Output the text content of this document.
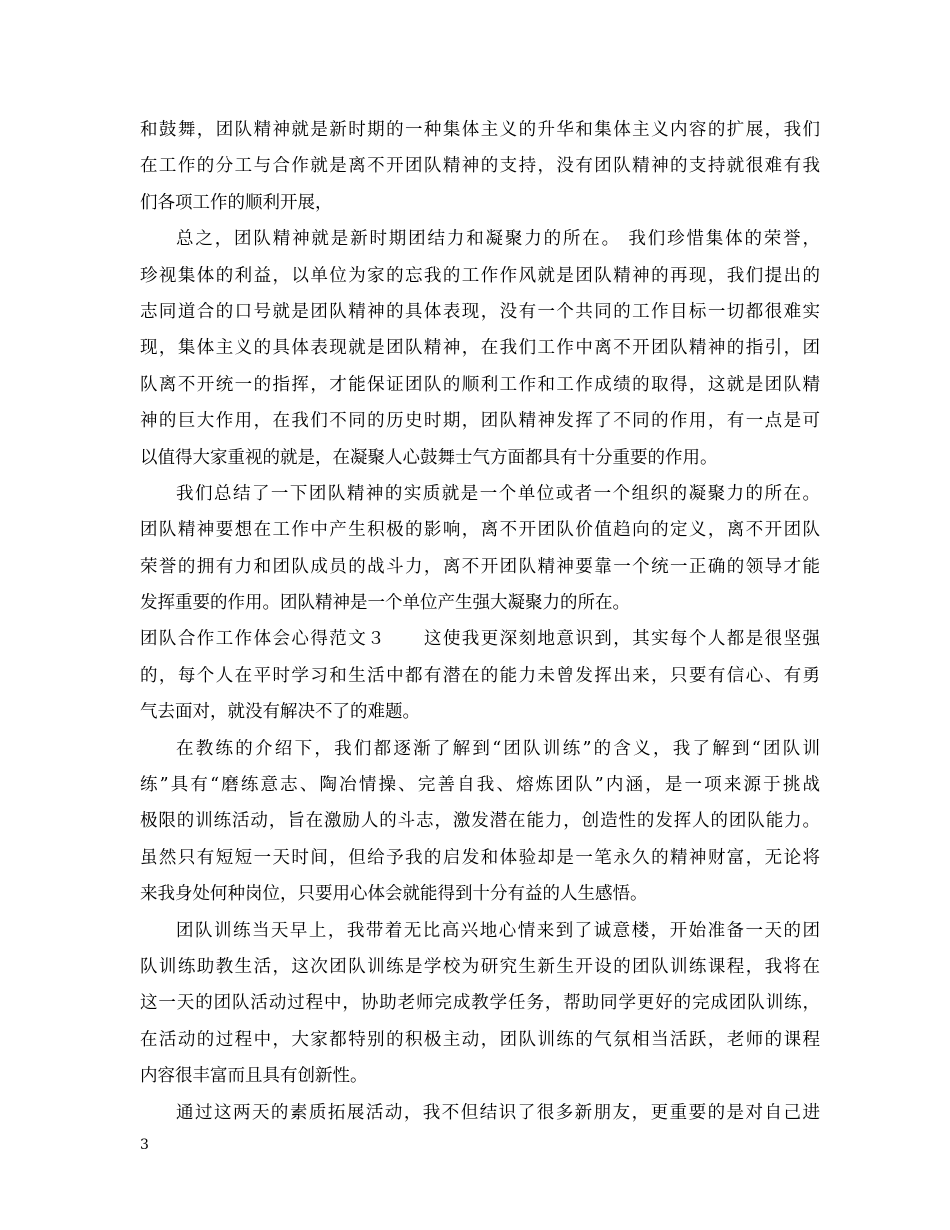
和鼓舞，团队精神就是新时期的一种集体主义的升华和集体主义内容的扩展，我们
在工作的分工与合作就是离不开团队精神的支持，没有团队精神的支持就很难有我
们各项工作的顺利开展，
总之，团队精神就是新时期团结力和凝聚力的所在。 我们珍惜集体的荣誉，
珍视集体的利益，以单位为家的忘我的工作作风就是团队精神的再现，我们提出的
志同道合的口号就是团队精神的具体表现，没有一个共同的工作目标一切都很难实
现，集体主义的具体表现就是团队精神，在我们工作中离不开团队精神的指引，团
队离不开统一的指挥，才能保证团队的顺利工作和工作成绩的取得，这就是团队精
神的巨大作用，在我们不同的历史时期，团队精神发挥了不同的作用，有一点是可
以值得大家重视的就是，在凝聚人心鼓舞士气方面都具有十分重要的作用。
我们总结了一下团队精神的实质就是一个单位或者一个组织的凝聚力的所在。
团队精神要想在工作中产生积极的影响，离不开团队价值趋向的定义，离不开团队
荣誉的拥有力和团队成员的战斗力，离不开团队精神要靠一个统一正确的领导才能
发挥重要的作用。团队精神是一个单位产生强大凝聚力的所在。
团队合作工作体会心得范文３　　这使我更深刻地意识到，其实每个人都是很坚强
的，每个人在平时学习和生活中都有潜在的能力未曾发挥出来，只要有信心、有勇
气去面对，就没有解决不了的难题。
在教练的介绍下，我们都逐渐了解到“团队训练”的含义，我了解到“团队训
练”具有“磨练意志、陶冶情操、完善自我、熔炼团队”内涵，是一项来源于挑战
极限的训练活动，旨在激励人的斗志，激发潜在能力，创造性的发挥人的团队能力。
虽然只有短短一天时间，但给予我的启发和体验却是一笔永久的精神财富，无论将
来我身处何种岗位，只要用心体会就能得到十分有益的人生感悟。
团队训练当天早上，我带着无比高兴地心情来到了诚意楼，开始准备一天的团
队训练助教生活，这次团队训练是学校为研究生新生开设的团队训练课程，我将在
这一天的团队活动过程中，协助老师完成教学任务，帮助同学更好的完成团队训练，
在活动的过程中，大家都特别的积极主动，团队训练的气氛相当活跃，老师的课程
内容很丰富而且具有创新性。
通过这两天的素质拓展活动，我不但结识了很多新朋友，更重要的是对自己进
3
